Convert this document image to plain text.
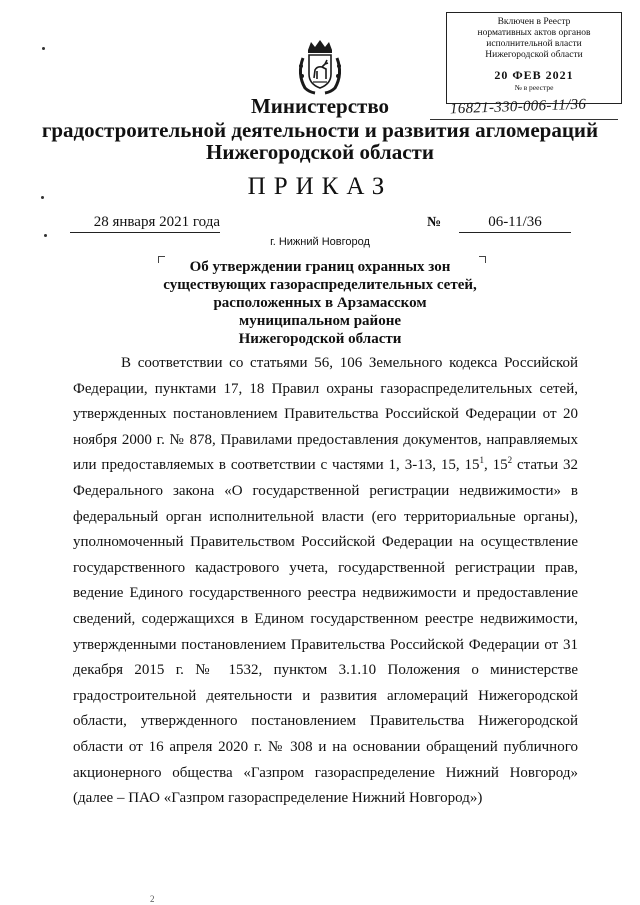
Включен в Реестр
нормативных актов органов
исполнительной власти
Нижегородской области
20 ФЕВ 2021
№ в реестре
16821-330-006-11/36
Министерство
градостроительной деятельности и развития агломераций
Нижегородской области
ПРИКАЗ
28 января 2021 года	№	06-11/36
г. Нижний Новгород
Об утверждении границ охранных зон
существующих газораспределительных сетей,
расположенных в Арзамасском
муниципальном районе
Нижегородской области

В соответствии со статьями 56, 106 Земельного кодекса Российской Федерации, пунктами 17, 18 Правил охраны газораспределительных сетей, утвержденных постановлением Правительства Российской Федерации от 20 ноября 2000 г. № 878, Правилами предоставления документов, направляемых или предоставляемых в соответствии с частями 1, 3-13, 15, $15^1$, $15^2$ статьи 32 Федерального закона «О государственной регистрации недвижимости» в федеральный орган исполнительной власти (его территориальные органы), уполномоченный Правительством Российской Федерации на осуществление государственного кадастрового учета, государственной регистрации прав, ведение Единого государственного реестра недвижимости и предоставление сведений, содержащихся в Едином государственном реестре недвижимости, утвержденными постановлением Правительства Российской Федерации от 31 декабря 2015 г. № 1532, пунктом 3.1.10 Положения о министерстве градостроительной деятельности и развития агломераций Нижегородской области, утвержденного постановлением Правительства Нижегородской области от 16 апреля 2020 г. № 308 и на основании обращений публичного акционерного общества «Газпром газораспределение Нижний Новгород» (далее – ПАО «Газпром газораспределение Нижний Новгород»)

2
